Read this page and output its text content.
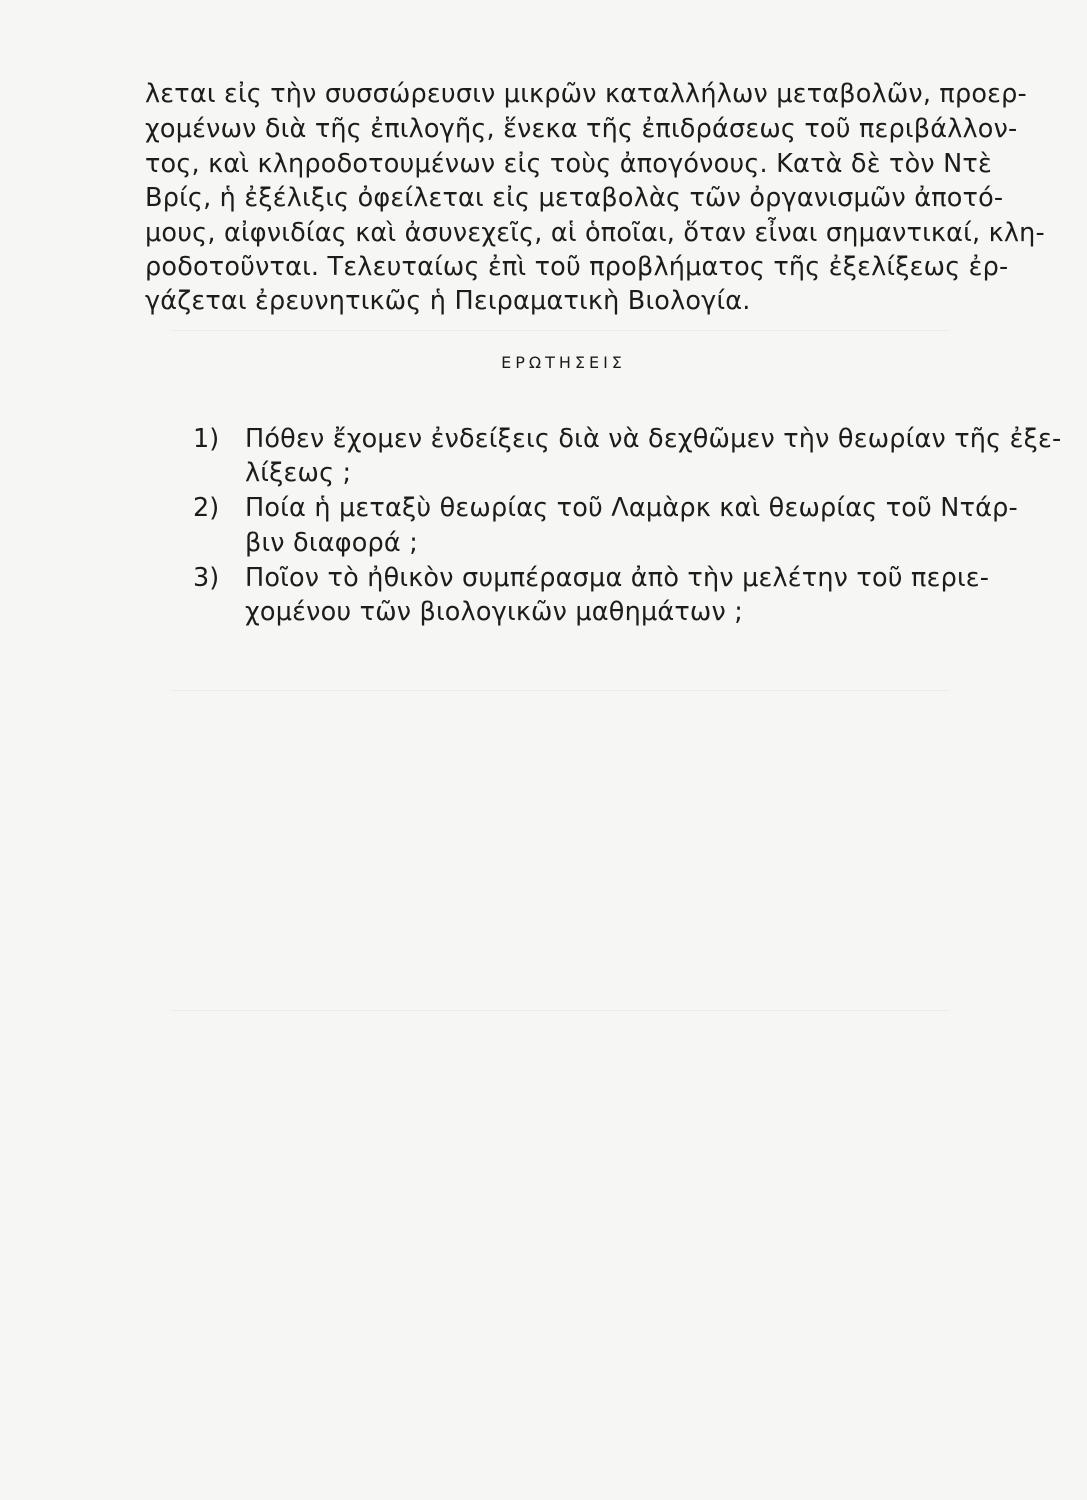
λεται εἰς τὴν συσσώρευσιν μικρῶν καταλλήλων μεταβολῶν, προερ-
χομένων διὰ τῆς ἐπιλογῆς, ἕνεκα τῆς ἐπιδράσεως τοῦ περιβάλλον-
τος, καὶ κληροδοτουμένων εἰς τοὺς ἀπογόνους. Κατὰ δὲ τὸν Ντὲ
Βρίς, ἡ ἐξέλιξις ὀφείλεται εἰς μεταβολὰς τῶν ὀργανισμῶν ἀποτό-
μους, αἰφνιδίας καὶ ἀσυνεχεῖς, αἱ ὁποῖαι, ὅταν εἶναι σημαντικαί, κλη-
ροδοτοῦνται. Τελευταίως ἐπὶ τοῦ προβλήματος τῆς ἐξελίξεως ἐρ-
γάζεται ἐρευνητικῶς ἡ Πειραματικὴ Βιολογία.
ΕΡΩΤΗΣΕΙΣ
1) Πόθεν ἔχομεν ἐνδείξεις διὰ νὰ δεχθῶμεν τὴν θεωρίαν τῆς ἐξε-
λίξεως ;
2) Ποία ἡ μεταξὺ θεωρίας τοῦ Λαμὰρκ καὶ θεωρίας τοῦ Ντάρ-
βιν διαφορά ;
3) Ποῖον τὸ ἠθικὸν συμπέρασμα ἀπὸ τὴν μελέτην τοῦ περιε-
χομένου τῶν βιολογικῶν μαθημάτων ;
